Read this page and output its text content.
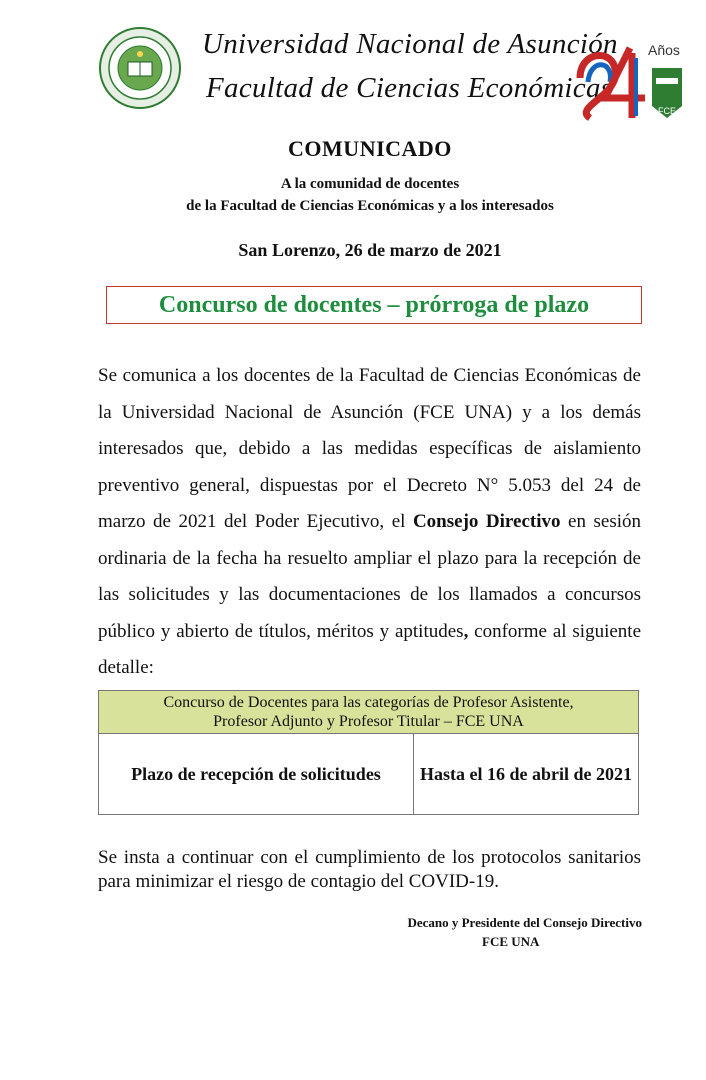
Universidad Nacional de Asunción
Facultad de Ciencias Económicas
FCE
Años
COMUNICADO
A la comunidad de docentes
de la Facultad de Ciencias Económicas y a los interesados
San Lorenzo, 26 de marzo de 2021
Concurso de docentes – prórroga de plazo
Se comunica a los docentes de la Facultad de Ciencias Económicas de la Universidad Nacional de Asunción (FCE UNA) y a los demás interesados que, debido a las medidas específicas de aislamiento preventivo general, dispuestas por el Decreto N° 5.053 del 24 de marzo de 2021 del Poder Ejecutivo, el Consejo Directivo en sesión ordinaria de la fecha ha resuelto ampliar el plazo para la recepción de las solicitudes y las documentaciones de los llamados a concursos público y abierto de títulos, méritos y aptitudes, conforme al siguiente detalle:
Concurso de Docentes para las categorías de Profesor Asistente,
Profesor Adjunto y Profesor Titular – FCE UNA

Plazo de recepción de solicitudes	Hasta el 16 de abril de 2021
Se insta a continuar con el cumplimiento de los protocolos sanitarios para minimizar el riesgo de contagio del COVID-19.
Decano y Presidente del Consejo Directivo
FCE UNA
